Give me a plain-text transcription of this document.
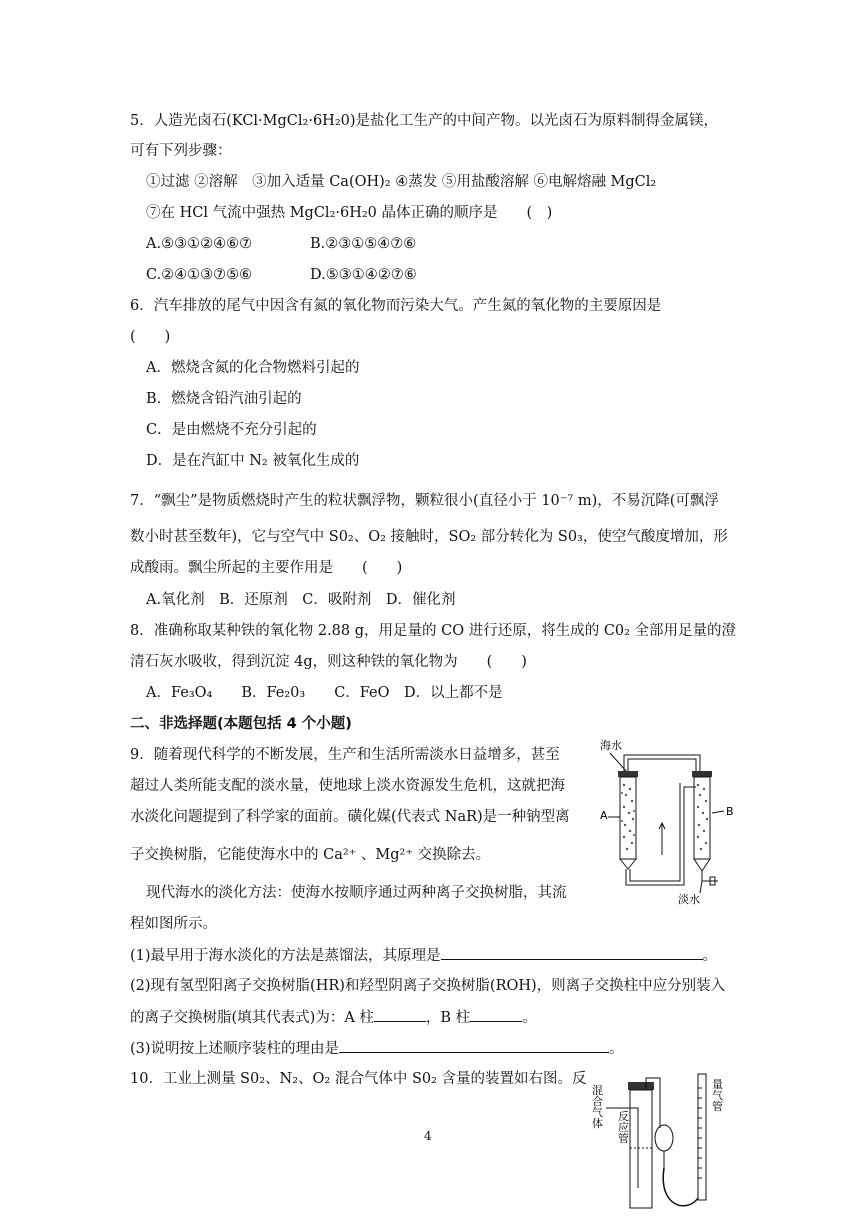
5．人造光卤石(KCl·MgCl₂·6H₂0)是盐化工生产的中间产物。以光卤石为原料制得金属镁，
可有下列步骤：
①过滤 ②溶解　③加入适量 Ca(OH)₂ ④蒸发 ⑤用盐酸溶解 ⑥电解熔融 MgCl₂
⑦在 HCl 气流中强热 MgCl₂·6H₂0 晶体正确的顺序是　　(　)
A.⑤③①②④⑥⑦	B.②③①⑤④⑦⑥
C.②④①③⑦⑤⑥	D.⑤③①④②⑦⑥
6．汽车排放的尾气中因含有氮的氧化物而污染大气。产生氮的氧化物的主要原因是
(　　)
A．燃烧含氮的化合物燃料引起的
B．燃烧含铅汽油引起的
C．是由燃烧不充分引起的
D．是在汽缸中 N₂ 被氧化生成的
7．“飘尘”是物质燃烧时产生的粒状飘浮物，颗粒很小(直径小于 10⁻⁷ m)，不易沉降(可飘浮
数小时甚至数年)，它与空气中 S0₂、O₂ 接触时，SO₂ 部分转化为 S0₃，使空气酸度增加，形
成酸雨。飘尘所起的主要作用是　　(　　)
A.氧化剂　B．还原剂　C．吸附剂　D．催化剂
8．准确称取某种铁的氧化物 2.88 g，用足量的 CO 进行还原，将生成的 C0₂ 全部用足量的澄
清石灰水吸收，得到沉淀 4g，则这种铁的氧化物为　　(　　)
A．Fe₃O₄　　B．Fe₂0₃　　C．FeO　D．以上都不是
二、非选择题(本题包括 4 个小题)
9．随着现代科学的不断发展，生产和生活所需淡水日益增多，甚至
超过人类所能支配的淡水量，使地球上淡水资源发生危机，这就把海
水淡化问题提到了科学家的面前。磺化媒(代表式 NaR)是一种钠型离
子交换树脂，它能使海水中的 Ca²⁺ 、Mg²⁺ 交换除去。
现代海水的淡化方法：使海水按顺序通过两种离子交换树脂，其流
程如图所示。
(1)最早用于海水淡化的方法是蒸馏法，其原理是	。
(2)现有氢型阳离子交换树脂(HR)和羟型阴离子交换树脂(ROH)，则离子交换柱中应分别装入
的离子交换树脂(填其代表式)为：A 柱	，B 柱	。
(3)说明按上述顺序装柱的理由是	。
10．工业上测量 S0₂、N₂、O₂ 混合气体中 S0₂ 含量的装置如右图。反
海水
A	B
淡水
混合气体
反应管
量气管
4
